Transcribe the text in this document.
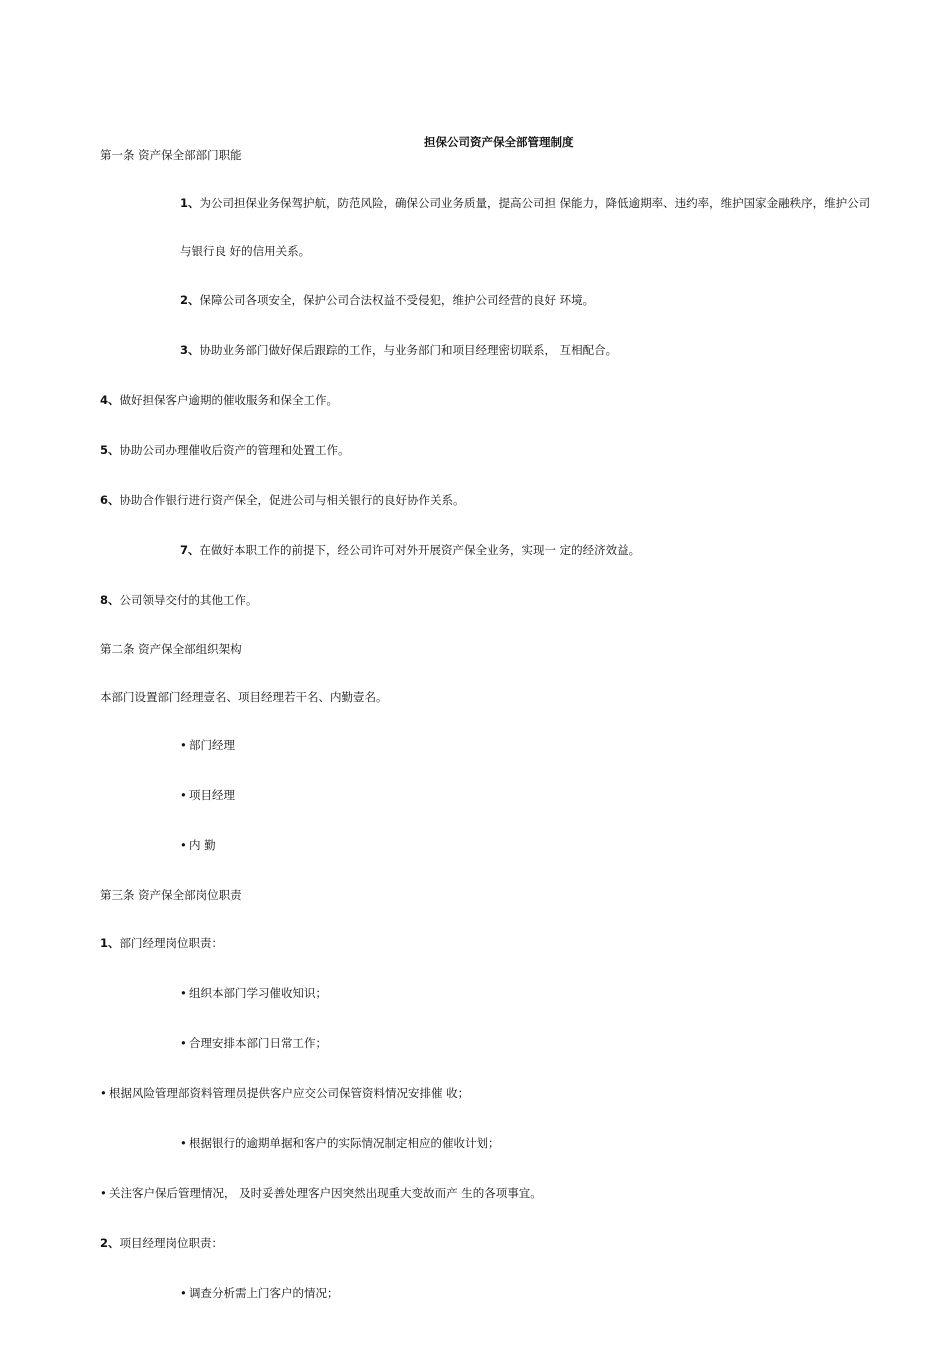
担保公司资产保全部管理制度
第一条 资产保全部部门职能
1、为公司担保业务保驾护航，防范风险，确保公司业务质量，提高公司担 保能力，降低逾期率、违约率，维护国家金融秩序，维护公司
与银行良 好的信用关系。
2、保障公司各项安全，保护公司合法权益不受侵犯，维护公司经营的良好 环境。
3、协助业务部门做好保后跟踪的工作，与业务部门和项目经理密切联系， 互相配合。
4、做好担保客户逾期的催收服务和保全工作。
5、协助公司办理催收后资产的管理和处置工作。
6、协助合作银行进行资产保全，促进公司与相关银行的良好协作关系。
7、在做好本职工作的前提下，经公司许可对外开展资产保全业务，实现一 定的经济效益。
8、公司领导交付的其他工作。
第二条 资产保全部组织架构
本部门设置部门经理壹名、项目经理若干名、内勤壹名。
• 部门经理
• 项目经理
• 内 勤
第三条 资产保全部岗位职责
1、部门经理岗位职责：
• 组织本部门学习催收知识；
• 合理安排本部门日常工作；
• 根据风险管理部资料管理员提供客户应交公司保管资料情况安排催 收；
• 根据银行的逾期单据和客户的实际情况制定相应的催收计划；
• 关注客户保后管理情况， 及时妥善处理客户因突然出现重大变故而产 生的各项事宜。
2、项目经理岗位职责：
• 调查分析需上门客户的情况；
